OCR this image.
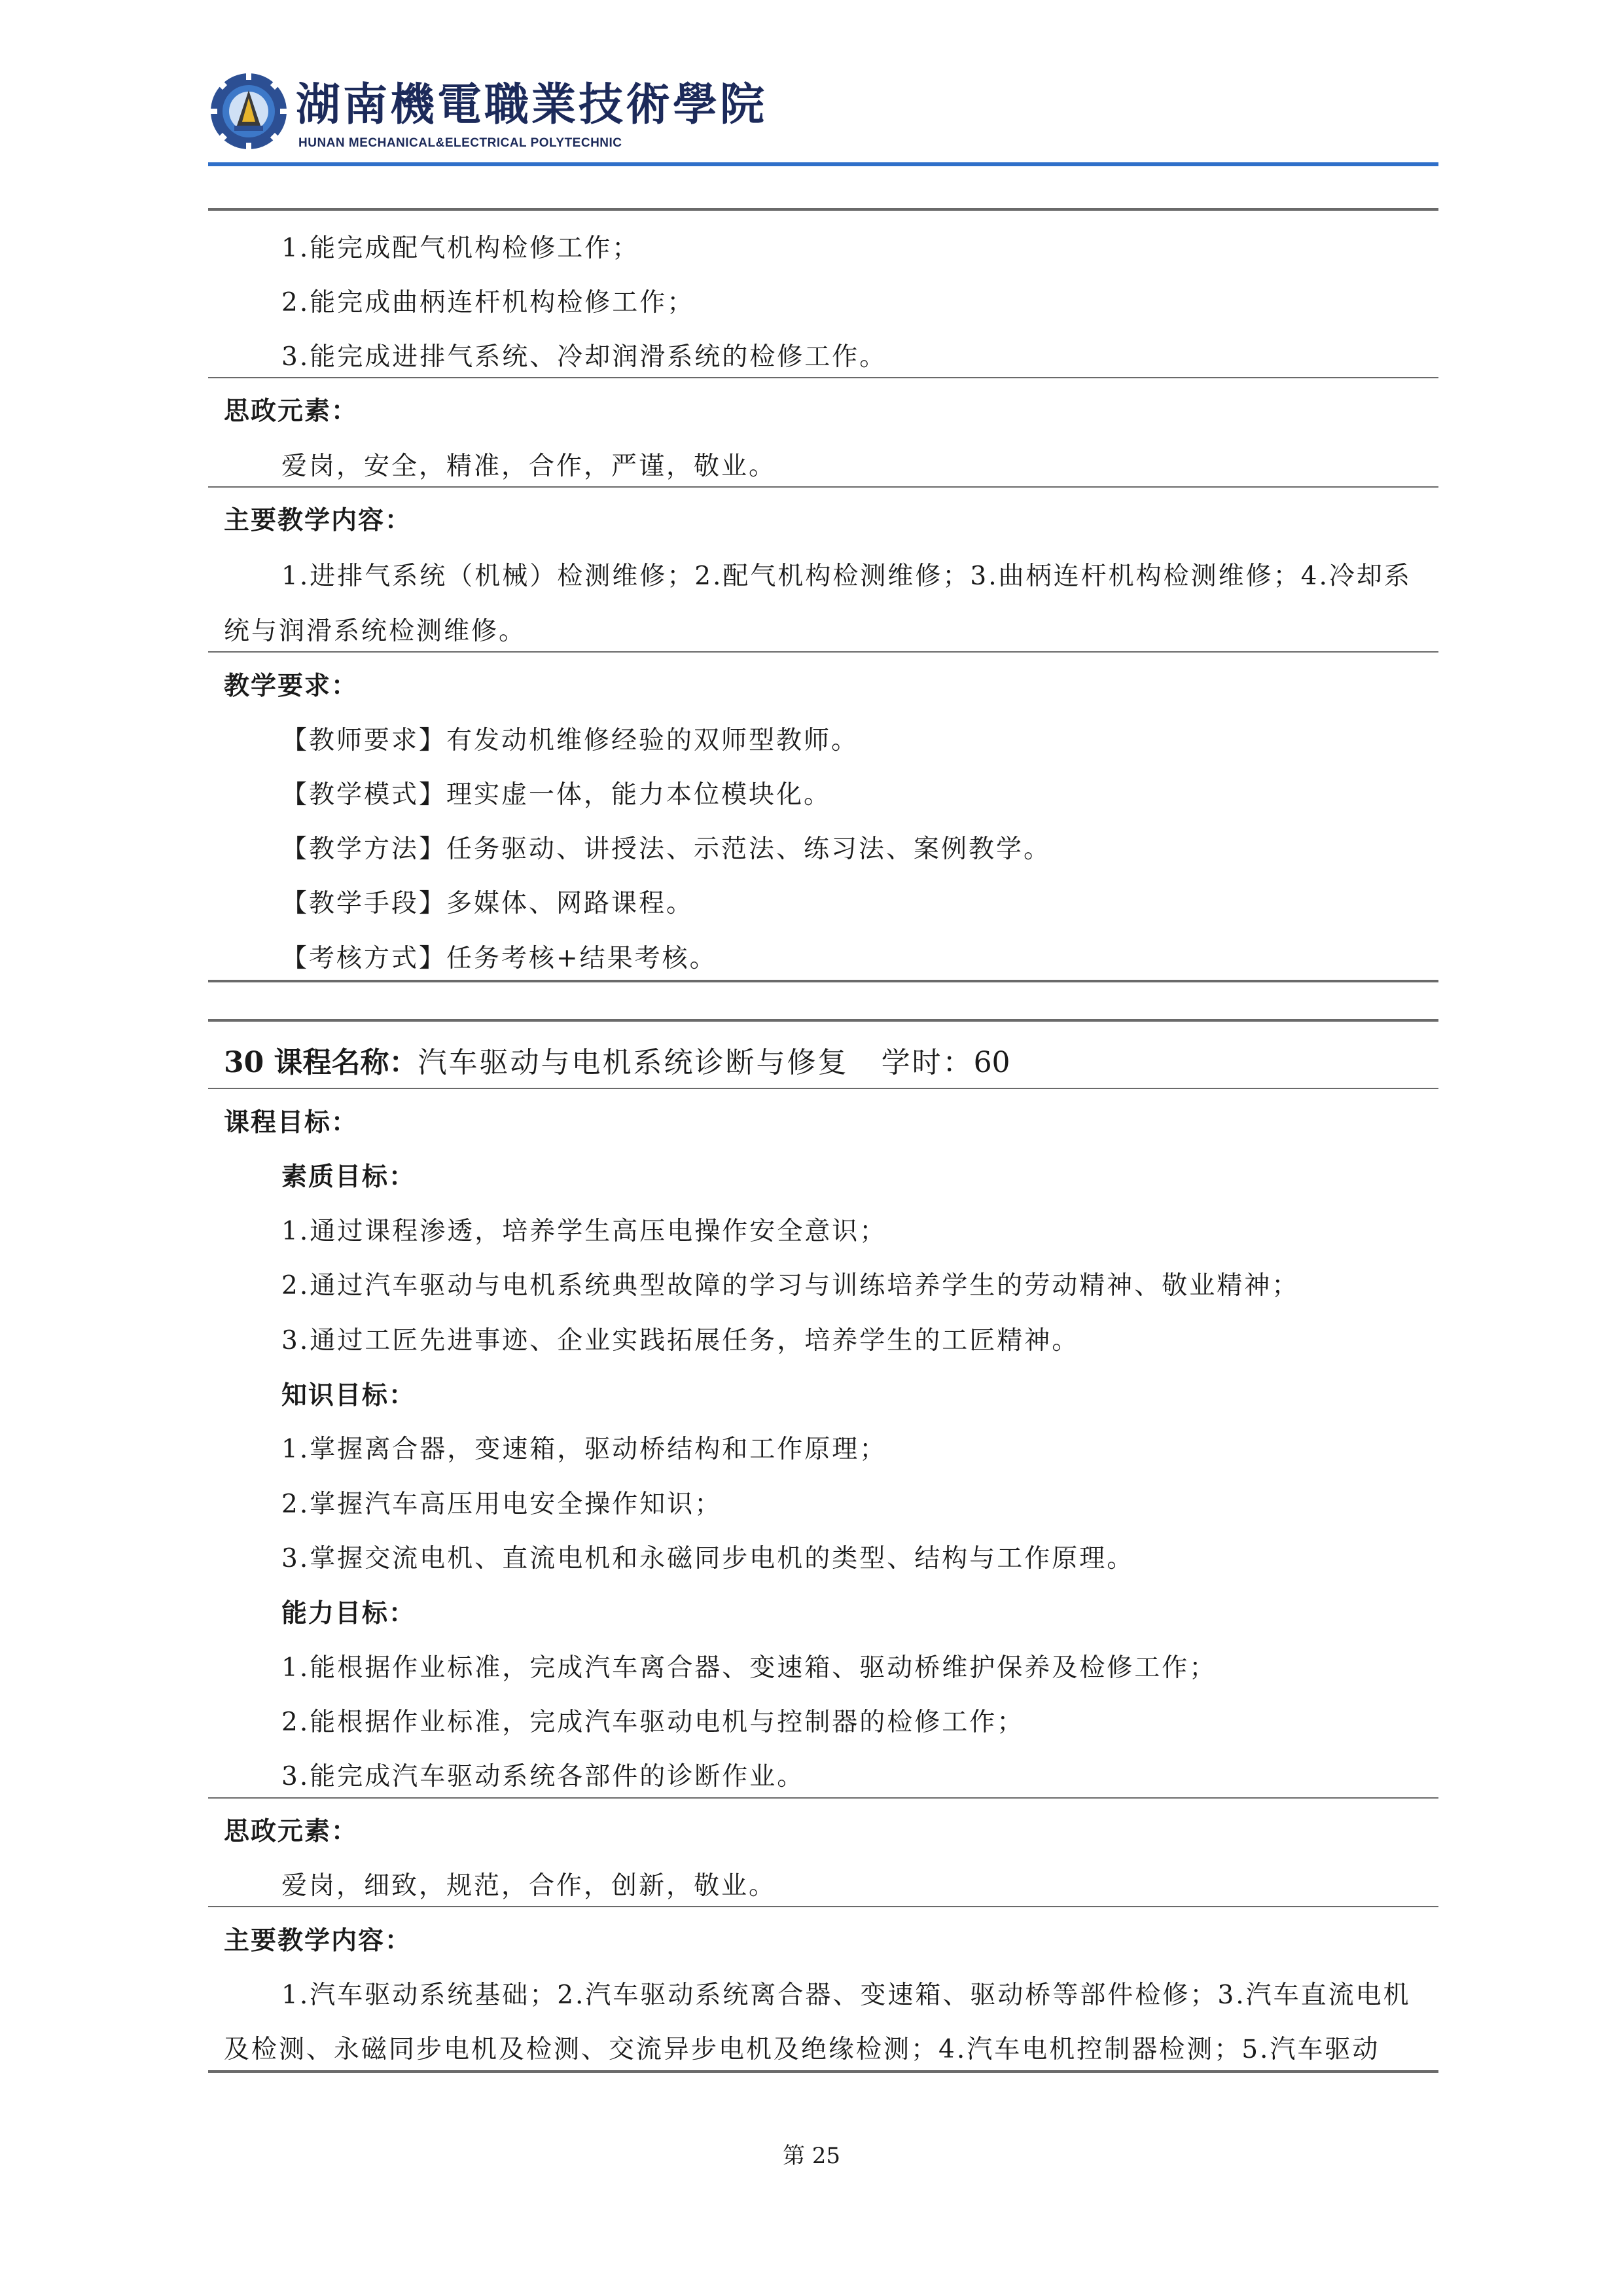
湖南機電職業技術學院
HUNAN MECHANICAL&ELECTRICAL POLYTECHNIC
1.能完成配气机构检修工作；
2.能完成曲柄连杆机构检修工作；
3.能完成进排气系统、冷却润滑系统的检修工作。
思政元素：
爱岗，安全，精准，合作，严谨，敬业。
主要教学内容：
1.进排气系统（机械）检测维修；2.配气机构检测维修；3.曲柄连杆机构检测维修；4.冷却系
统与润滑系统检测维修。
教学要求：
【教师要求】有发动机维修经验的双师型教师。
【教学模式】理实虚一体，能力本位模块化。
【教学方法】任务驱动、讲授法、示范法、练习法、案例教学。
【教学手段】多媒体、网路课程。
【考核方式】任务考核+结果考核。
30 课程名称：汽车驱动与电机系统诊断与修复 学时：60
课程目标：
素质目标：
1.通过课程渗透，培养学生高压电操作安全意识；
2.通过汽车驱动与电机系统典型故障的学习与训练培养学生的劳动精神、敬业精神；
3.通过工匠先进事迹、企业实践拓展任务，培养学生的工匠精神。
知识目标：
1.掌握离合器，变速箱，驱动桥结构和工作原理；
2.掌握汽车高压用电安全操作知识；
3.掌握交流电机、直流电机和永磁同步电机的类型、结构与工作原理。
能力目标：
1.能根据作业标准，完成汽车离合器、变速箱、驱动桥维护保养及检修工作；
2.能根据作业标准，完成汽车驱动电机与控制器的检修工作；
3.能完成汽车驱动系统各部件的诊断作业。
思政元素：
爱岗，细致，规范，合作，创新，敬业。
主要教学内容：
1.汽车驱动系统基础；2.汽车驱动系统离合器、变速箱、驱动桥等部件检修；3.汽车直流电机
及检测、永磁同步电机及检测、交流异步电机及绝缘检测；4.汽车电机控制器检测；5.汽车驱动
第 25
